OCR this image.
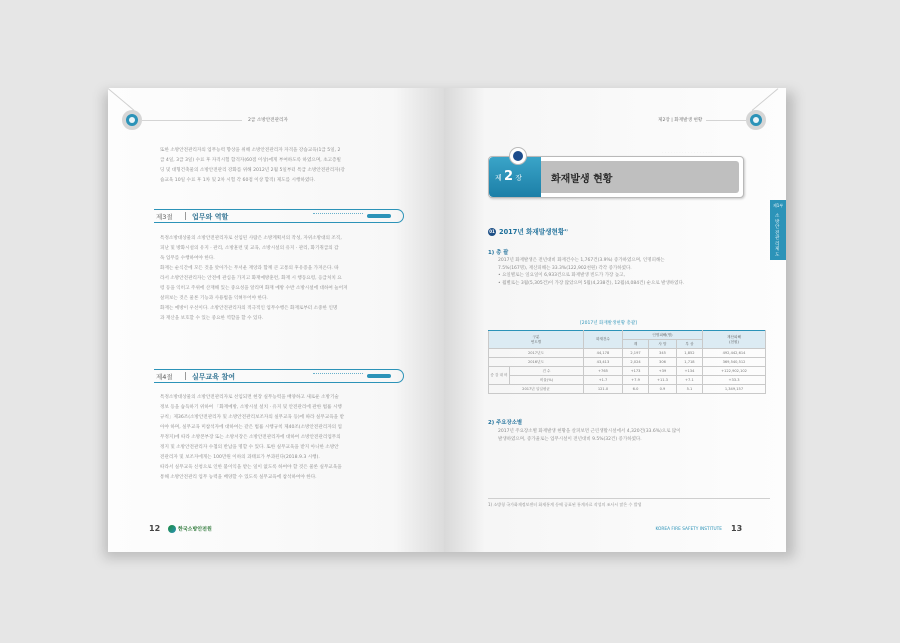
2급 소방안전관리자
또한 소방안전관리자의 업무능력 향상을 위해 소방안전관리자 자격을 강습교육(1급 5일, 2
급 4일, 3급 3일) 수료 후 자격시험 합격자(60점 이상)에게 부여하도록 하였으며, 초고층빌
딩 및 대형건축물의 소방안전관리 강화를 위해 2012년 2월 5일부터 특급 소방안전관리자(강
습교육 10일 수료 후 1차 및 2차 시험 각 60점 이상 합격) 제도를 시행하였다.
제3절	업무와 역할
특정소방대상물의 소방안전관리자로 선임된 사람은 소방계획서의 작성, 자위소방대의 조직,
피난 및 방화시설의 유지 · 관리, 소방훈련 및 교육, 소방시설의 유지 · 관리, 화기취급의 감
독 업무를 수행하여야 한다.
화재는 순식간에 모든 것을 앗아가는 무서운 재앙과 함께 큰 고통의 후유증을 가져온다. 따
라서 소방안전관리자는 안전에 관심을 가지고 화재예방훈련, 화재 시 행동요령, 응급처치 요
령 등을 익히고 주위에 산재해 있는 중요성을 알리며 화재 예방 수반 소방시설에 대하여 늘어져
살펴보는 것은 물론 기능과 사용법을 익혀두어야 한다.
화재는 예방이 우선이다. 소방안전관리자의 적극적인 업무수행은 화재로부터 소중한 인명
과 재산을 보호할 수 있는 중요한 역할을 할 수 있다.
제4절	실무교육 참여
특정소방대상물의 소방안전관리자로 선임되면 현장 실무능력을 배양하고 새로운 소방기술
정보 등을 습득하기 위하여 「화재예방, 소방시설 설치 · 유지 및 안전관리에 관한 법률 시행
규칙」제36조(소방안전관리자 및 소방안전관리보조자의 실무교육 등)에 따라 실무교육을 받
아야 하며, 실무교육 미참석자에 대하여는 같은 법률 시행규칙 제40조(소방안전관리자의 업
무정지)에 따라 소방본부장 또는 소방서장은 소방안전관리자에 대하여 소방안전관리업무의
정지 및 소방안전관리자 수첩의 반납을 명할 수 있다. 또한 실무교육을 받지 아니한 소방안
전관리자 및 보조자에게는 100만원 이하의 과태료가 부과된다(2018.9.3 시행).
따라서 실무교육 신청으로 인한 불이익을 받는 일이 없도록 하여야 할 것은 물론 실무교육을
통해 소방안전관리 업무 능력을 배양할 수 있도록 실무교육에 참석하여야 한다.
12	한국소방안전원
제2장 | 화재발생 현황
· · · · · · · · · · · · · · · · · ·
제 2 장	화재발생 현황
제1부
소방안전관리제도
01 2017년 화재발생현황$^{1)}$
1) 총 괄
2017년 화재발생은 전년대비 화재건수는 1,767건(3.9%) 증가하였으며, 인명피해는
7.5%(167명), 재산피해는 33.3%(122,902천원) 각각 증가하였다.
• 요일별로는 일요일이 6,933건으로 화재발생 빈도가 가장 높고,
• 월별로는 3월(5,305건)이 가장 많았으며 5월(4,238건), 12월(4,084건) 순으로 발생하였다.
[2017년 화재발생현황 총괄]
구분
연도별		화재건수	인명피해(명)			재산피해
(천원)
			계	사 망	부 상	
2017년도		44,178	2,197	345	1,852	492,442,614
2016년도		43,413	2,024	306	1,718	369,540,512
증 감 대 비	건 수	+765	+173	+39	+134	+122,902,102
	비율(%)	+1.7	+7.9	+11.3	+7.1	+33.3
2017년 일일평균		121.0	6.0	0.9	5.1	1,349,157
2) 주요장소별
2017년 주요장소별 화재발생 현황을 살펴보면 근린생활시설에서 4,320건(33.6%)으로 많이
발생하였으며, 증가율로는 업무시설이 전년대비 9.5%(32건) 증가하였다.
1) 소방청 국가화재정보센터 화재통계 등에 공표된 통계자료 작성의 조사시 많은 수 발생
KOREA FIRE SAFETY INSTITUTE 13
